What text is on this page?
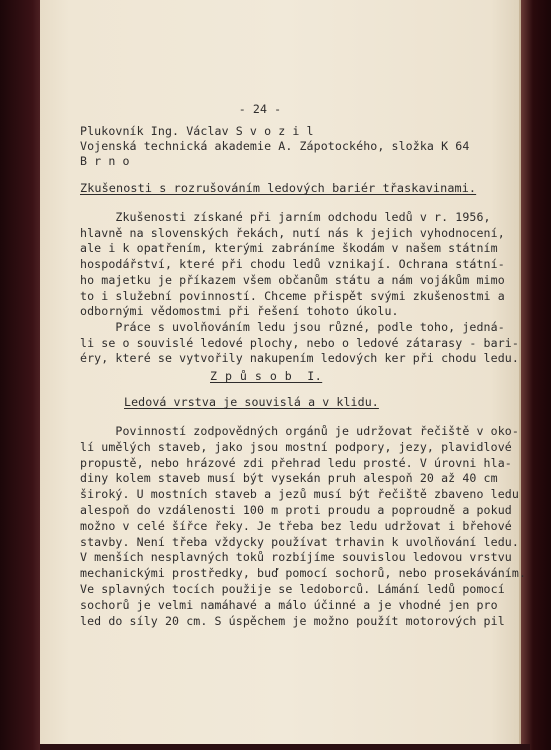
- 24 -
Plukovník Ing. Václav S v o z i l
Vojenská technická akademie A. Zápotockého, složka K 64
B r n o
Zkušenosti s rozrušováním ledových bariér třaskavinami.
Zkušenosti získané při jarním odchodu ledů v r. 1956,
hlavně na slovenských řekách, nutí nás k jejich vyhodnocení,
ale i k opatřením, kterými zabráníme škodám v našem státním
hospodářství, které při chodu ledů vznikají. Ochrana státní-
ho majetku je příkazem všem občanům státu a nám vojákům mimo
to i služební povinností. Chceme přispět svými zkušenostmi a
odbornými vědomostmi při řešení tohoto úkolu.
Práce s uvolňováním ledu jsou různé, podle toho, jedná-
li se o souvislé ledové plochy, nebo o ledové zátarasy - bari-
éry, které se vytvořily nakupením ledových ker při chodu ledu.
Z p ů s o b  I.
Ledová vrstva je souvislá a v klidu.
Povinností zodpovědných orgánů je udržovat řečiště v oko-
lí umělých staveb, jako jsou mostní podpory, jezy, plavidlové
propustě, nebo hrázové zdi přehrad ledu prosté. V úrovni hla-
diny kolem staveb musí být vysekán pruh alespoň 20 až 40 cm
široký. U mostních staveb a jezů musí být řečiště zbaveno ledu
alespoň do vzdálenosti 100 m proti proudu a poproudně a pokud
možno v celé šířce řeky. Je třeba bez ledu udržovat i břehové
stavby. Není třeba vždycky používat trhavin k uvolňování ledu.
V menších nesplavných toků rozbíjíme souvislou ledovou vrstvu
mechanickými prostředky, buď pomocí sochorů, nebo prosekáváním.
Ve splavných tocích použije se ledoborců. Lámání ledů pomocí
sochorů je velmi namáhavé a málo účinné a je vhodné jen pro
led do síly 20 cm. S úspěchem je možno použít motorových pil
